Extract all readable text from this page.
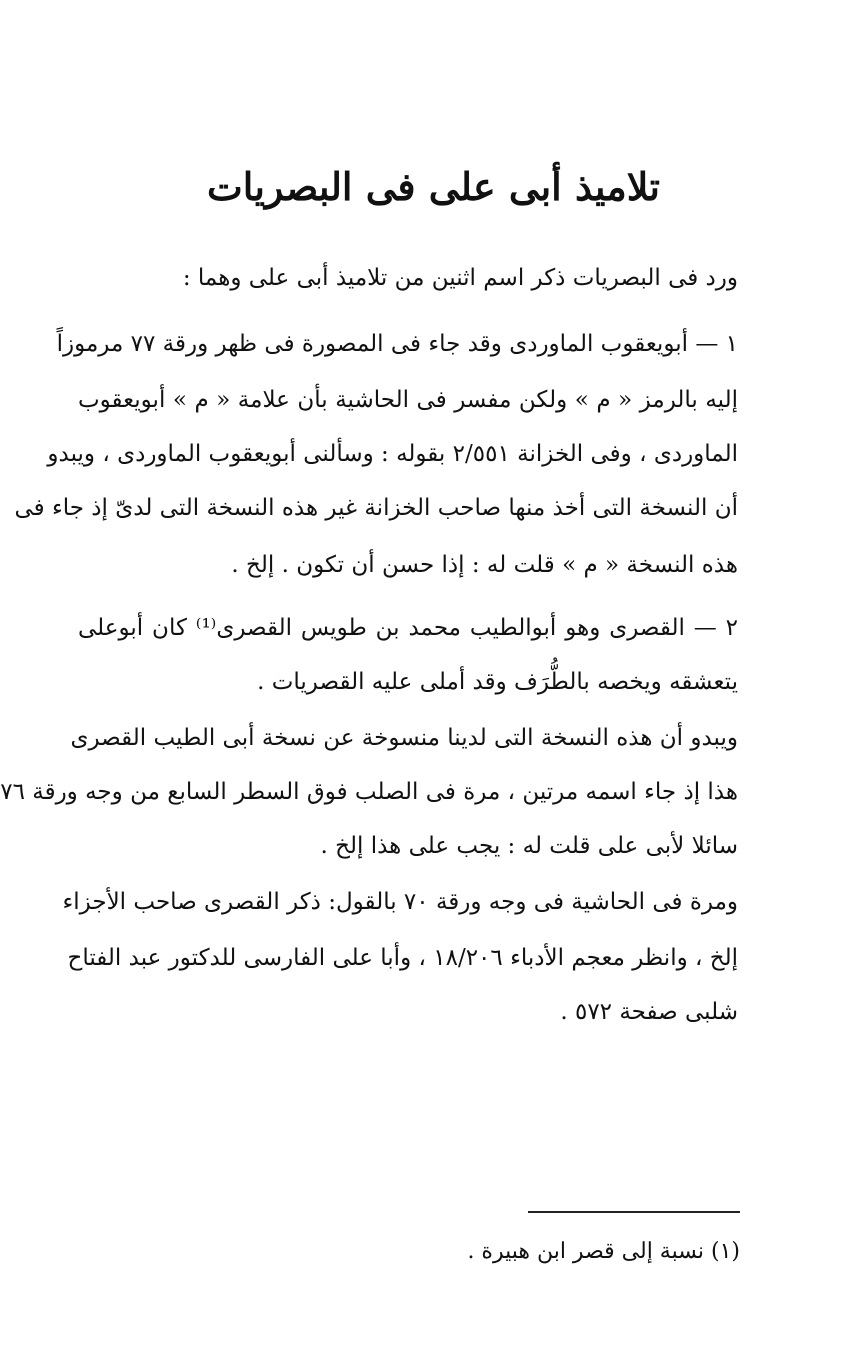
تلاميذ أبى على فى البصريات
ورد فى البصريات ذكر اسم اثنين من تلاميذ أبى على وهما :
١ — أبويعقوب الماوردى وقد جاء فى المصورة فى ظهر ورقة ٧٧ مرموزاً
إليه بالرمز « م » ولكن مفسر فى الحاشية بأن علامة « م » أبويعقوب
الماوردى ، وفى الخزانة ٢/٥٥١ بقوله : وسألنى أبويعقوب الماوردى ، ويبدو
أن النسخة التى أخذ منها صاحب الخزانة غير هذه النسخة التى لدىّ إذ جاء فى
هذه النسخة « م » قلت له : إذا حسن أن تكون . إلخ .
٢ — القصرى وهو أبوالطيب محمد بن طويس القصرى⁽¹⁾ كان أبوعلى
يتعشقه ويخصه بالطُّرَف وقد أملى عليه القصريات .
ويبدو أن هذه النسخة التى لدينا منسوخة عن نسخة أبى الطيب القصرى
هذا إذ جاء اسمه مرتين ، مرة فى الصلب فوق السطر السابع من وجه ورقة ٧٦
سائلا لأبى على قلت له : يجب على هذا إلخ .
ومرة فى الحاشية فى وجه ورقة ٧٠ بالقول: ذكر القصرى صاحب الأجزاء
إلخ ، وانظر معجم الأدباء ١٨/٢٠٦ ، وأبا على الفارسى للدكتور عبد الفتاح
شلبى صفحة ٥٧٢ .
(١) نسبة إلى قصر ابن هبيرة .
